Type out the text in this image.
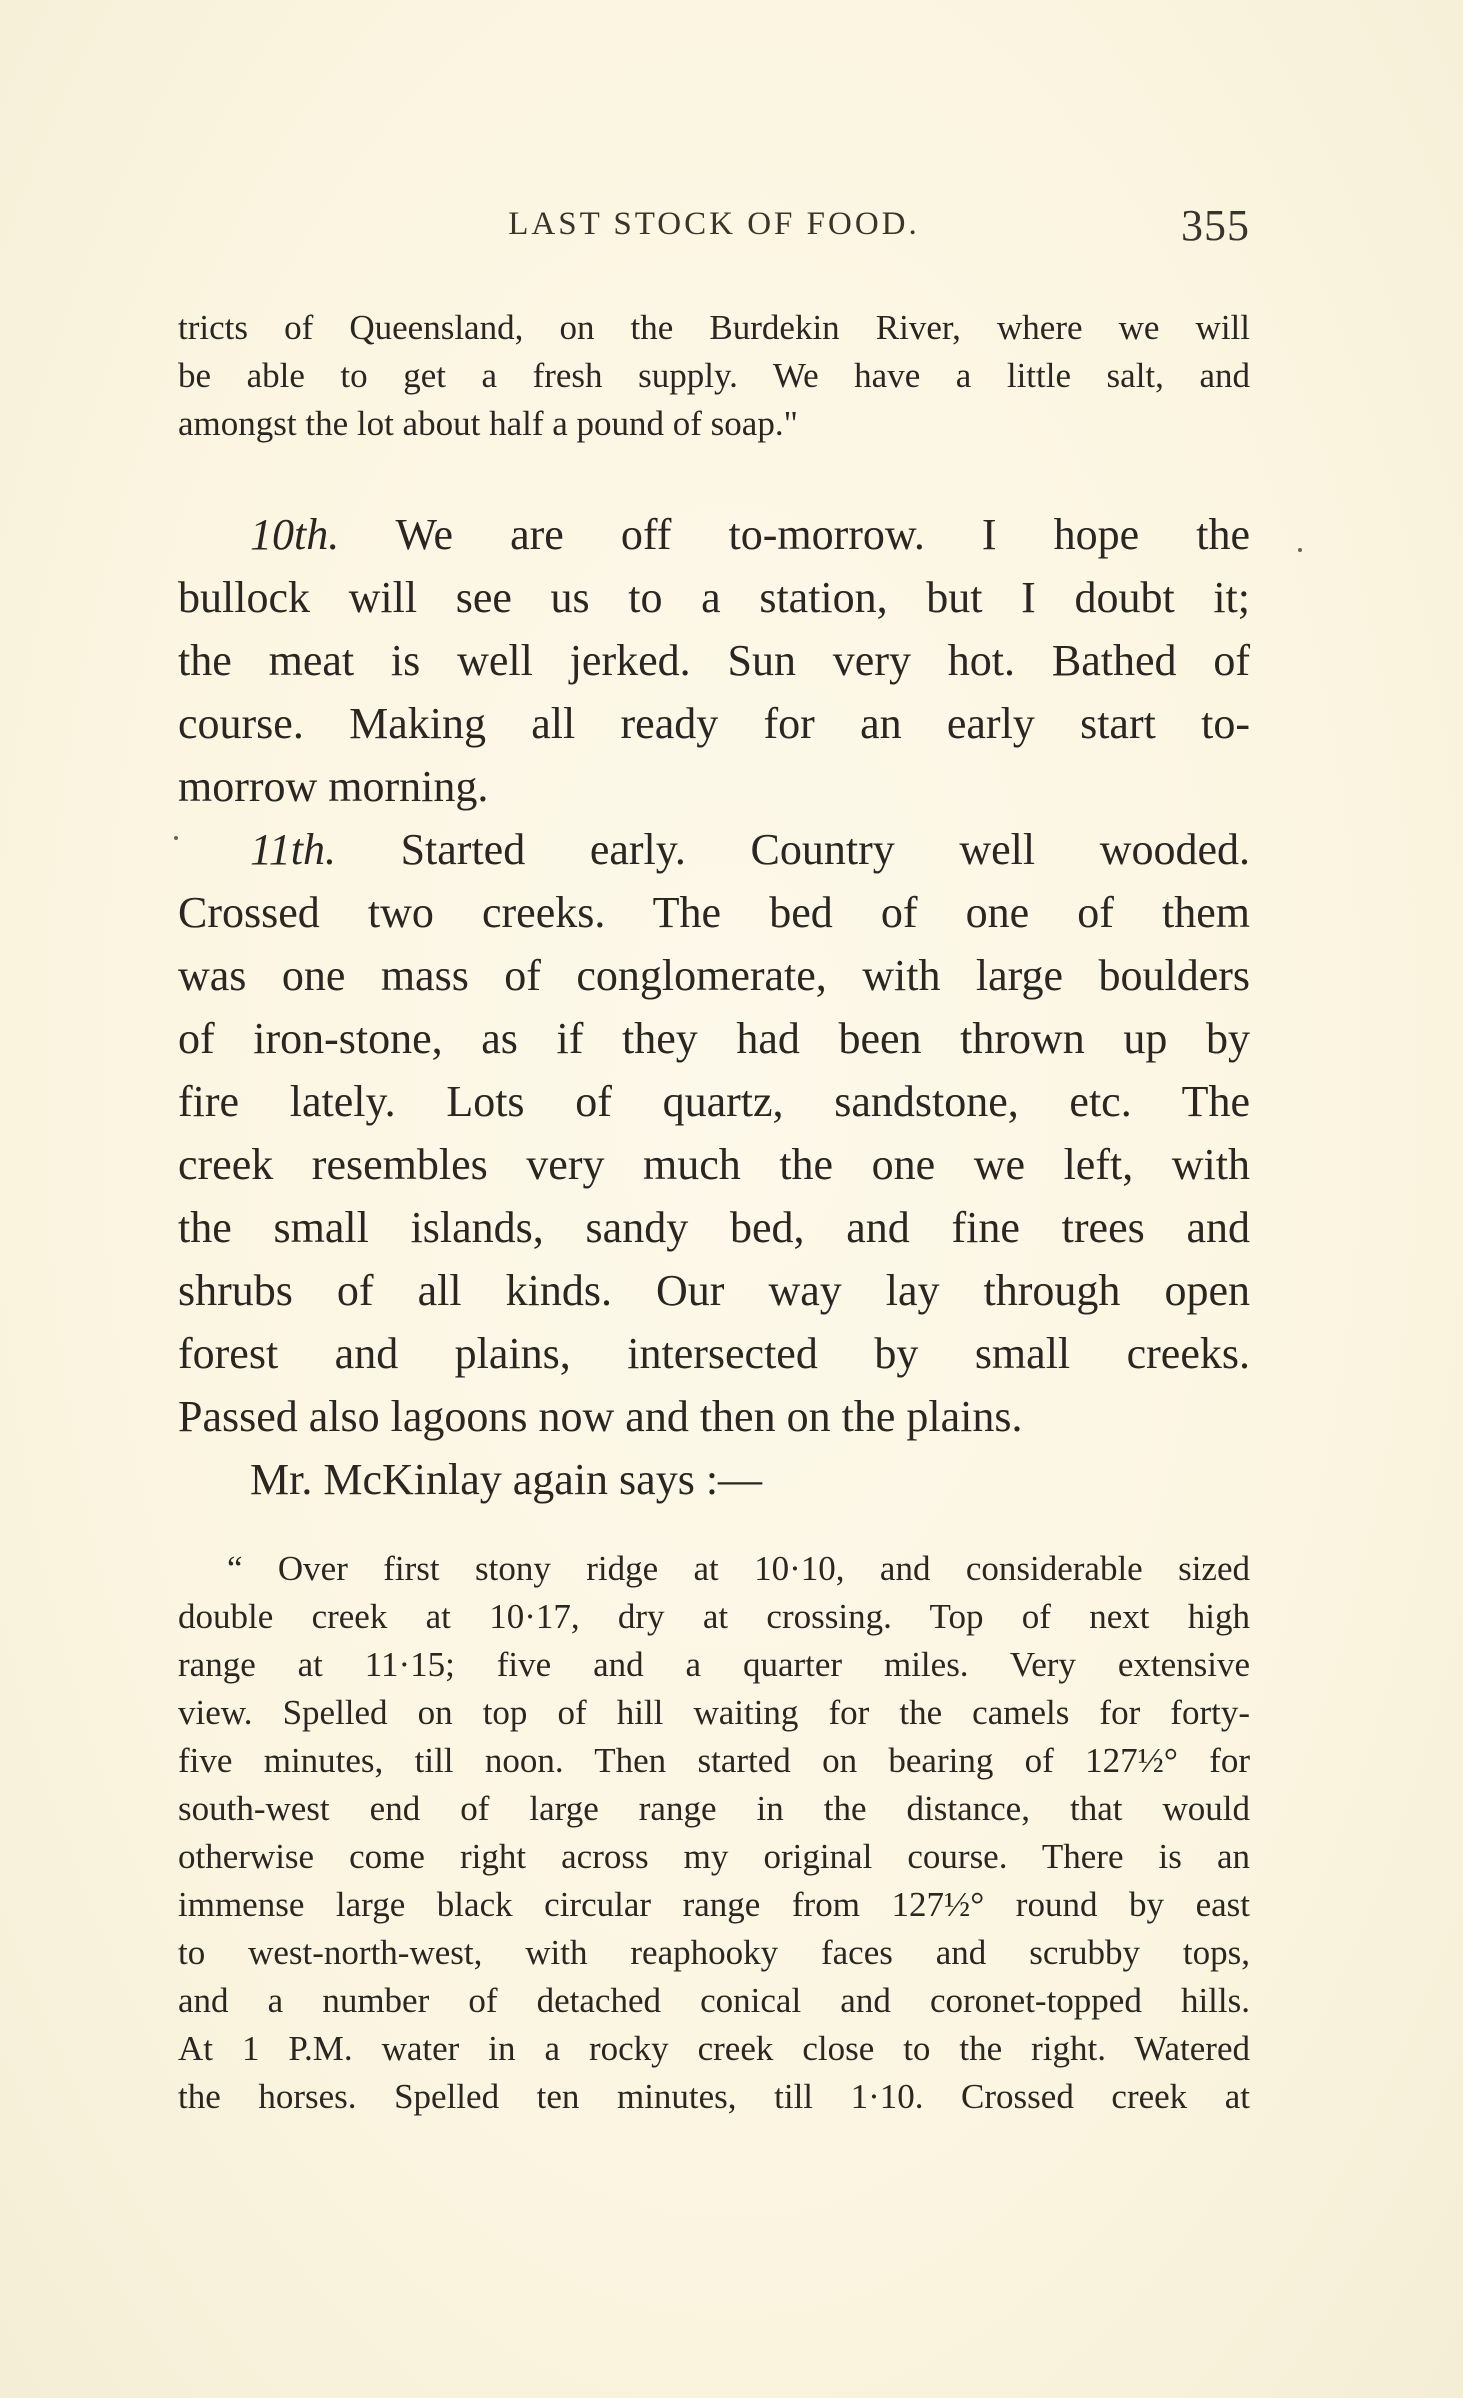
LAST STOCK OF FOOD.	355
tricts of Queensland, on the Burdekin River, where we will
be able to get a fresh supply. We have a little salt, and
amongst the lot about half a pound of soap."
10th. We are off to-morrow. I hope the
bullock will see us to a station, but I doubt it;
the meat is well jerked. Sun very hot. Bathed of
course. Making all ready for an early start to-
morrow morning.
11th. Started early. Country well wooded.
Crossed two creeks. The bed of one of them
was one mass of conglomerate, with large boulders
of iron-stone, as if they had been thrown up by
fire lately. Lots of quartz, sandstone, etc. The
creek resembles very much the one we left, with
the small islands, sandy bed, and fine trees and
shrubs of all kinds. Our way lay through open
forest and plains, intersected by small creeks.
Passed also lagoons now and then on the plains.
Mr. McKinlay again says :—
“ Over first stony ridge at 10·10, and considerable sized
double creek at 10·17, dry at crossing. Top of next high
range at 11·15; five and a quarter miles. Very extensive
view. Spelled on top of hill waiting for the camels for forty-
five minutes, till noon. Then started on bearing of 127½° for
south-west end of large range in the distance, that would
otherwise come right across my original course. There is an
immense large black circular range from 127½° round by east
to west-north-west, with reaphooky faces and scrubby tops,
and a number of detached conical and coronet-topped hills.
At 1 P.M. water in a rocky creek close to the right. Watered
the horses. Spelled ten minutes, till 1·10. Crossed creek at
